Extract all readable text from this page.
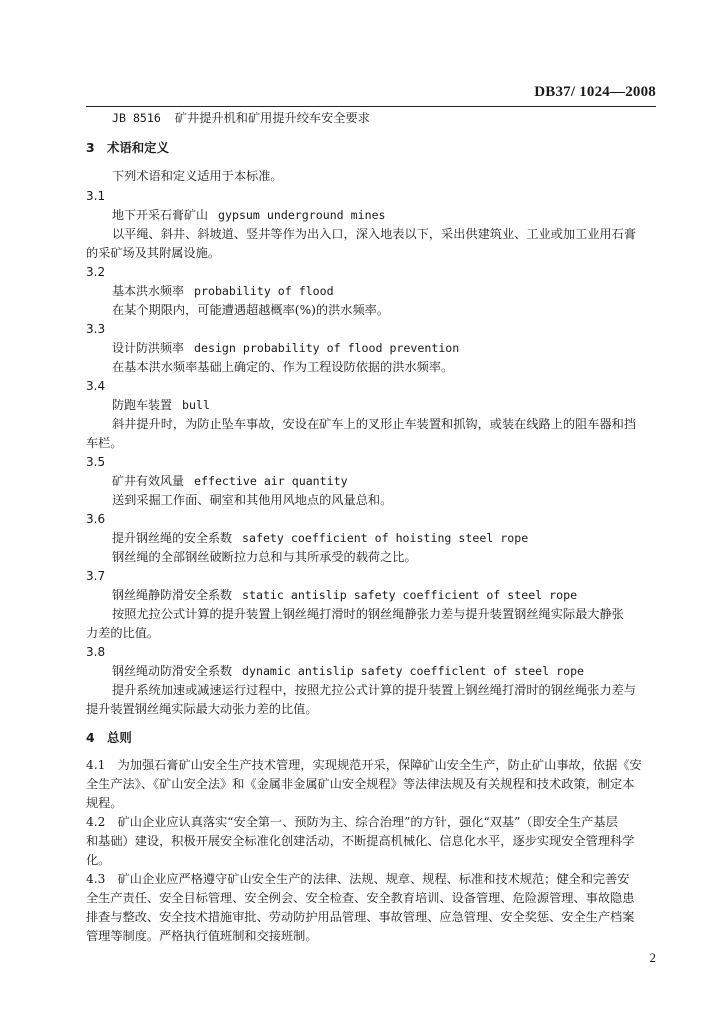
DB37/ 1024—2008
JB 8516 矿井提升机和矿用提升绞车安全要求
3　术语和定义
下列术语和定义适用于本标准。
3.1
地下开采石膏矿山 gypsum underground mines
以平绳、斜井、斜坡道、竖井等作为出入口，深入地表以下，采出供建筑业、工业或加工业用石膏
的采矿场及其附属设施。
3.2
基本洪水频率 probability of flood
在某个期限内，可能遭遇超越概率(%)的洪水频率。
3.3
设计防洪频率 design probability of flood prevention
在基本洪水频率基础上确定的、作为工程设防依据的洪水频率。
3.4
防跑车装置 bull
斜井提升时，为防止坠车事故，安设在矿车上的叉形止车装置和抓钩，或装在线路上的阻车器和挡
车栏。
3.5
矿井有效风量 effective air quantity
送到采掘工作面、硐室和其他用风地点的风量总和。
3.6
提升钢丝绳的安全系数 safety coefficient of hoisting steel rope
钢丝绳的全部钢丝破断拉力总和与其所承受的载荷之比。
3.7
钢丝绳静防滑安全系数 static antislip safety coefficient of steel rope
按照尤拉公式计算的提升装置上钢丝绳打滑时的钢丝绳静张力差与提升装置钢丝绳实际最大静张
力差的比值。
3.8
钢丝绳动防滑安全系数 dynamic antislip safety coefficlent of steel rope
提升系统加速或减速运行过程中，按照尤拉公式计算的提升装置上钢丝绳打滑时的钢丝绳张力差与
提升装置钢丝绳实际最大动张力差的比值。
4　总则
4.1　为加强石膏矿山安全生产技术管理，实现规范开采，保障矿山安全生产，防止矿山事故，依据《安
全生产法》、《矿山安全法》和《金属非金属矿山安全规程》等法律法规及有关规程和技术政策，制定本
规程。
4.2　矿山企业应认真落实“安全第一、预防为主、综合治理”的方针，强化“双基”（即安全生产基层
和基础）建设，积极开展安全标准化创建活动，不断提高机械化、信息化水平，逐步实现安全管理科学
化。
4.3　矿山企业应严格遵守矿山安全生产的法律、法规、规章、规程、标准和技术规范；健全和完善安
全生产责任、安全目标管理、安全例会、安全检查、安全教育培训、设备管理、危险源管理、事故隐患
排查与整改、安全技术措施审批、劳动防护用品管理、事故管理、应急管理、安全奖惩、安全生产档案
管理等制度。严格执行值班制和交接班制。
2
